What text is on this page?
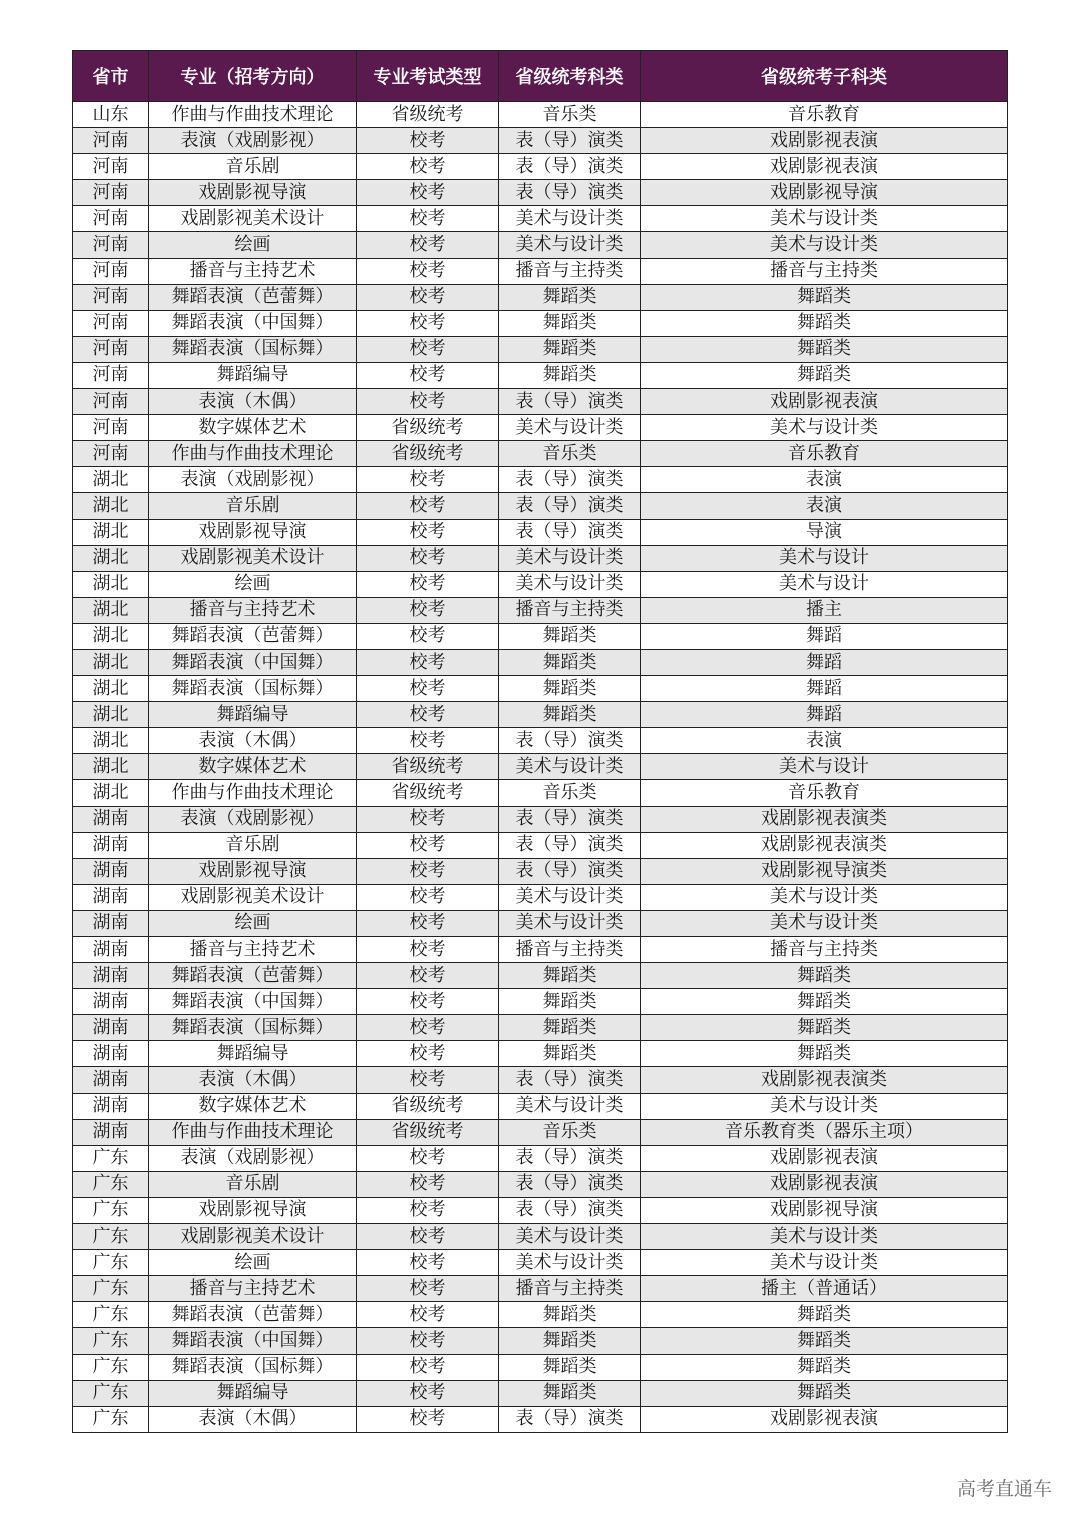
省市	专业（招考方向）	专业考试类型	省级统考科类	省级统考子科类
山东	作曲与作曲技术理论	省级统考	音乐类	音乐教育
河南	表演（戏剧影视）	校考	表（导）演类	戏剧影视表演
河南	音乐剧	校考	表（导）演类	戏剧影视表演
河南	戏剧影视导演	校考	表（导）演类	戏剧影视导演
河南	戏剧影视美术设计	校考	美术与设计类	美术与设计类
河南	绘画	校考	美术与设计类	美术与设计类
河南	播音与主持艺术	校考	播音与主持类	播音与主持类
河南	舞蹈表演（芭蕾舞）	校考	舞蹈类	舞蹈类
河南	舞蹈表演（中国舞）	校考	舞蹈类	舞蹈类
河南	舞蹈表演（国标舞）	校考	舞蹈类	舞蹈类
河南	舞蹈编导	校考	舞蹈类	舞蹈类
河南	表演（木偶）	校考	表（导）演类	戏剧影视表演
河南	数字媒体艺术	省级统考	美术与设计类	美术与设计类
河南	作曲与作曲技术理论	省级统考	音乐类	音乐教育
湖北	表演（戏剧影视）	校考	表（导）演类	表演
湖北	音乐剧	校考	表（导）演类	表演
湖北	戏剧影视导演	校考	表（导）演类	导演
湖北	戏剧影视美术设计	校考	美术与设计类	美术与设计
湖北	绘画	校考	美术与设计类	美术与设计
湖北	播音与主持艺术	校考	播音与主持类	播主
湖北	舞蹈表演（芭蕾舞）	校考	舞蹈类	舞蹈
湖北	舞蹈表演（中国舞）	校考	舞蹈类	舞蹈
湖北	舞蹈表演（国标舞）	校考	舞蹈类	舞蹈
湖北	舞蹈编导	校考	舞蹈类	舞蹈
湖北	表演（木偶）	校考	表（导）演类	表演
湖北	数字媒体艺术	省级统考	美术与设计类	美术与设计
湖北	作曲与作曲技术理论	省级统考	音乐类	音乐教育
湖南	表演（戏剧影视）	校考	表（导）演类	戏剧影视表演类
湖南	音乐剧	校考	表（导）演类	戏剧影视表演类
湖南	戏剧影视导演	校考	表（导）演类	戏剧影视导演类
湖南	戏剧影视美术设计	校考	美术与设计类	美术与设计类
湖南	绘画	校考	美术与设计类	美术与设计类
湖南	播音与主持艺术	校考	播音与主持类	播音与主持类
湖南	舞蹈表演（芭蕾舞）	校考	舞蹈类	舞蹈类
湖南	舞蹈表演（中国舞）	校考	舞蹈类	舞蹈类
湖南	舞蹈表演（国标舞）	校考	舞蹈类	舞蹈类
湖南	舞蹈编导	校考	舞蹈类	舞蹈类
湖南	表演（木偶）	校考	表（导）演类	戏剧影视表演类
湖南	数字媒体艺术	省级统考	美术与设计类	美术与设计类
湖南	作曲与作曲技术理论	省级统考	音乐类	音乐教育类（器乐主项）
广东	表演（戏剧影视）	校考	表（导）演类	戏剧影视表演
广东	音乐剧	校考	表（导）演类	戏剧影视表演
广东	戏剧影视导演	校考	表（导）演类	戏剧影视导演
广东	戏剧影视美术设计	校考	美术与设计类	美术与设计类
广东	绘画	校考	美术与设计类	美术与设计类
广东	播音与主持艺术	校考	播音与主持类	播主（普通话）
广东	舞蹈表演（芭蕾舞）	校考	舞蹈类	舞蹈类
广东	舞蹈表演（中国舞）	校考	舞蹈类	舞蹈类
广东	舞蹈表演（国标舞）	校考	舞蹈类	舞蹈类
广东	舞蹈编导	校考	舞蹈类	舞蹈类
广东	表演（木偶）	校考	表（导）演类	戏剧影视表演
高考直通车
